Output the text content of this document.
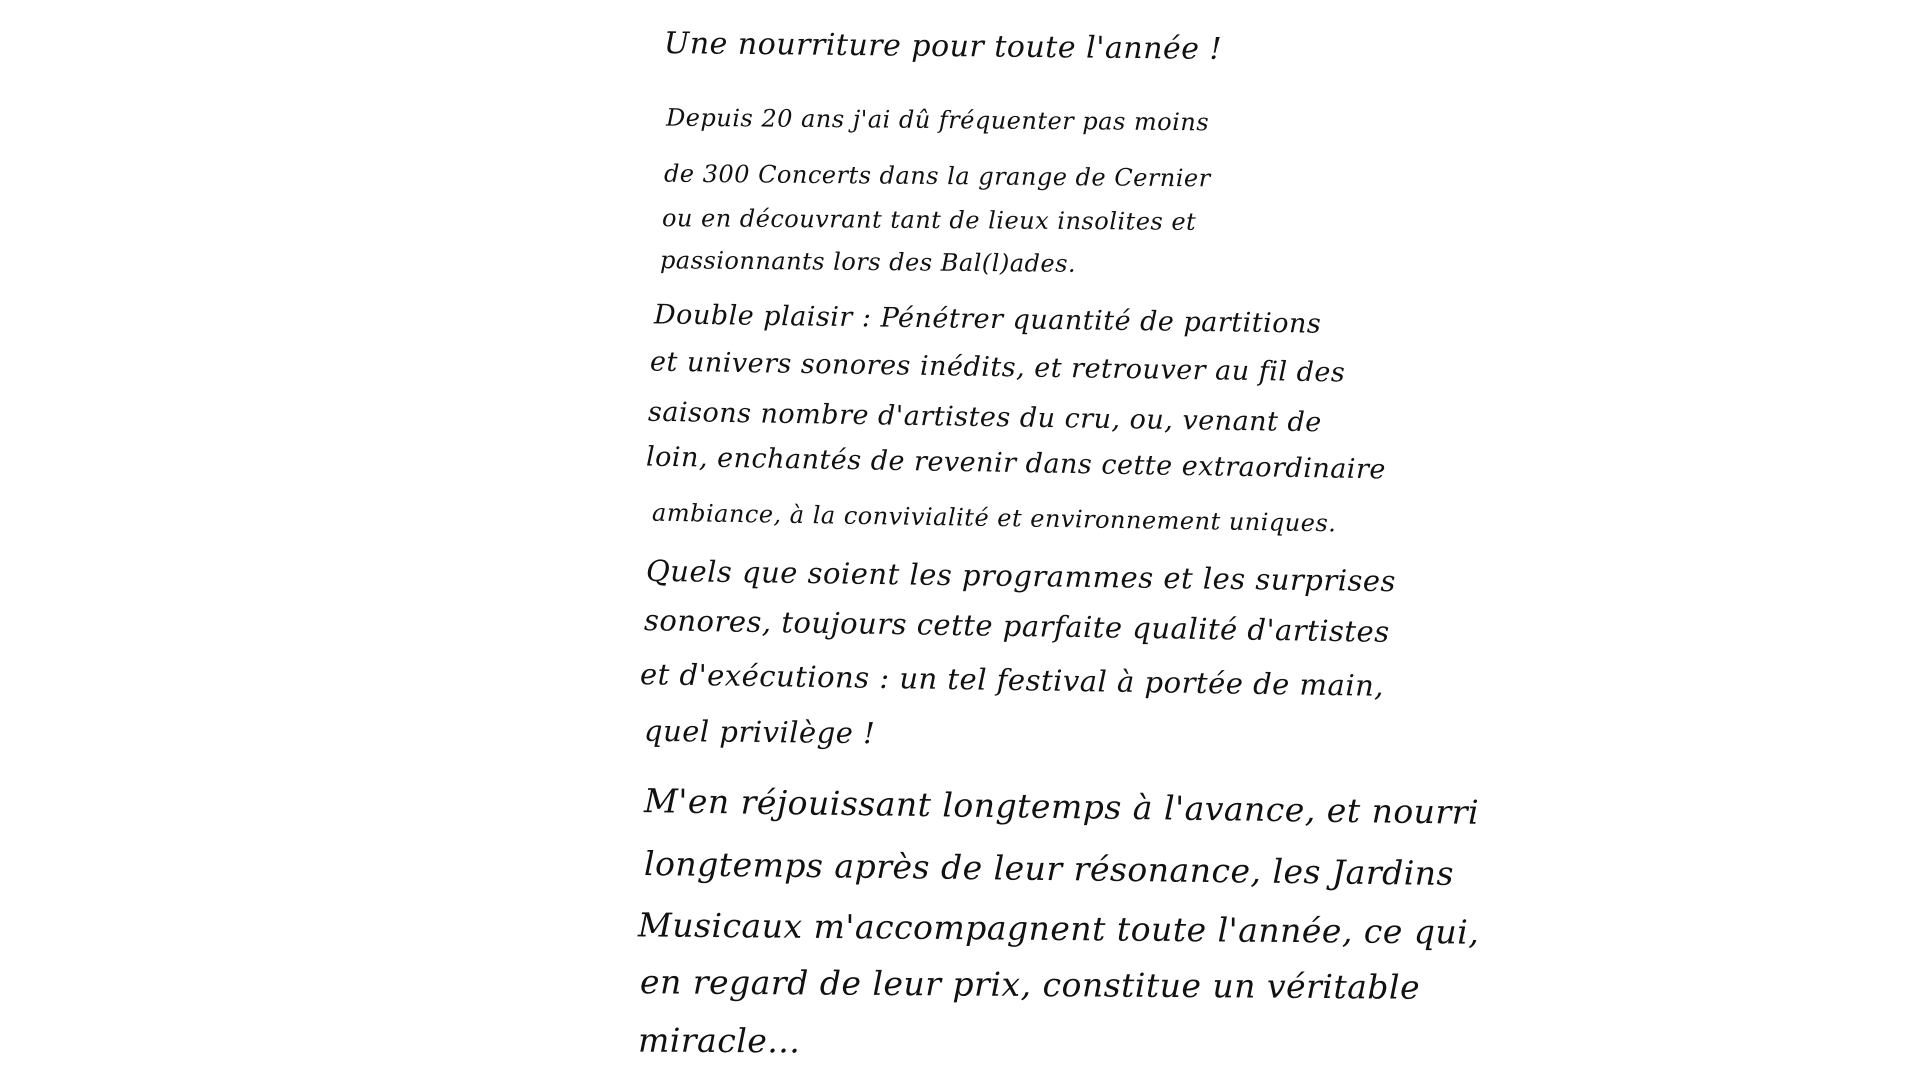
Une nourriture pour toute l'année !
Depuis 20 ans j'ai dû fréquenter pas moins
de 300 Concerts dans la grange de Cernier
ou en découvrant tant de lieux insolites et
passionnants lors des Bal(l)ades.
Double plaisir : Pénétrer quantité de partitions
et univers sonores inédits, et retrouver au fil des
saisons nombre d'artistes du cru, ou, venant de
loin, enchantés de revenir dans cette extraordinaire
ambiance, à la convivialité et environnement uniques.
Quels que soient les programmes et les surprises
sonores, toujours cette parfaite qualité d'artistes
et d'exécutions : un tel festival à portée de main,
quel privilège !
M'en réjouissant longtemps à l'avance, et nourri
longtemps après de leur résonance, les Jardins
Musicaux m'accompagnent toute l'année, ce qui,
en regard de leur prix, constitue un véritable
miracle...
